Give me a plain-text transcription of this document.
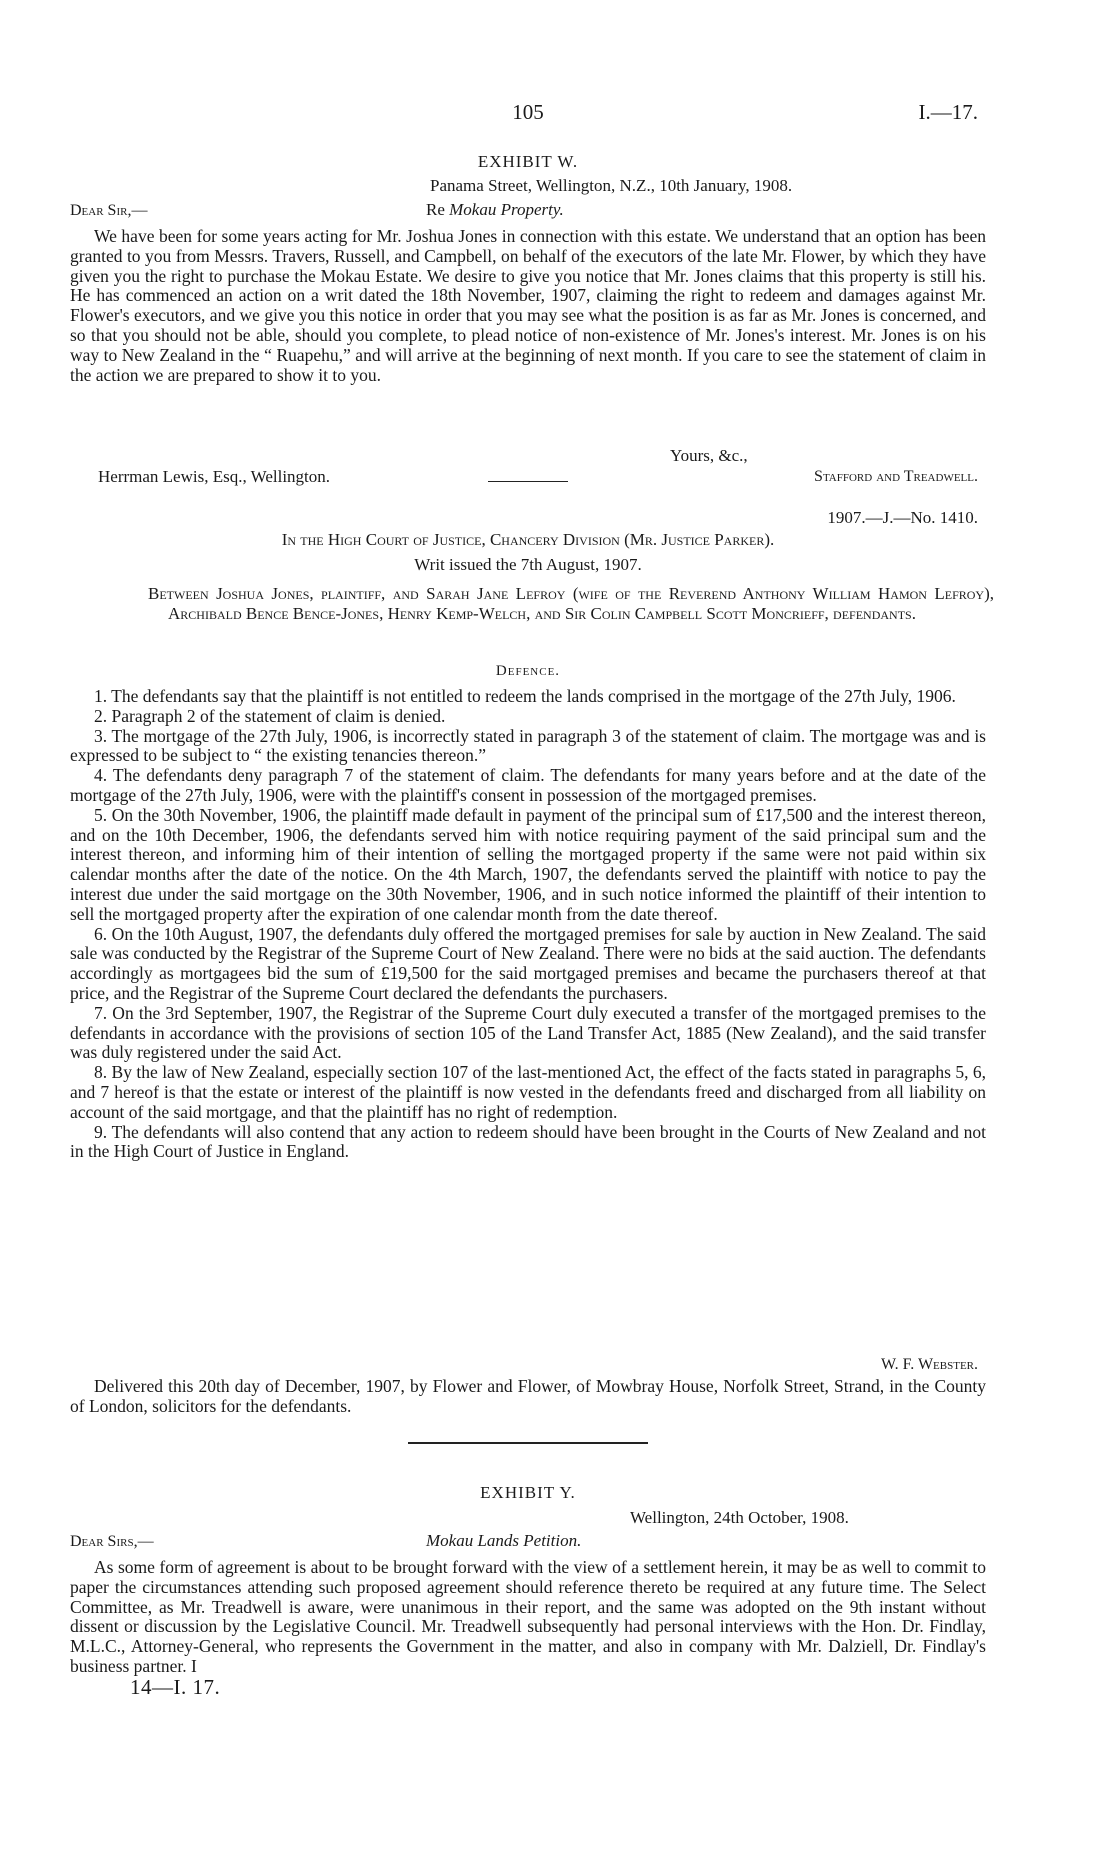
105	I.—17.
EXHIBIT W.
Panama Street, Wellington, N.Z., 10th January, 1908.
Dear Sir,—	Re Mokau Property.
We have been for some years acting for Mr. Joshua Jones in connection with this estate. We understand that an option has been granted to you from Messrs. Travers, Russell, and Campbell, on behalf of the executors of the late Mr. Flower, by which they have given you the right to purchase the Mokau Estate. We desire to give you notice that Mr. Jones claims that this property is still his. He has commenced an action on a writ dated the 18th November, 1907, claiming the right to redeem and damages against Mr. Flower's executors, and we give you this notice in order that you may see what the position is as far as Mr. Jones is concerned, and so that you should not be able, should you complete, to plead notice of non-existence of Mr. Jones's interest. Mr. Jones is on his way to New Zealand in the “ Ruapehu,” and will arrive at the beginning of next month. If you care to see the statement of claim in the action we are prepared to show it to you.
Yours, &c.,
Herrman Lewis, Esq., Wellington.	Stafford and Treadwell.
1907.—J.—No. 1410.
In the High Court of Justice, Chancery Division (Mr. Justice Parker).
Writ issued the 7th August, 1907.
Between Joshua Jones, plaintiff, and Sarah Jane Lefroy (wife of the Reverend Anthony William Hamon Lefroy), Archibald Bence Bence-Jones, Henry Kemp-Welch, and Sir Colin Campbell Scott Moncrieff, defendants.
Defence.

1. The defendants say that the plaintiff is not entitled to redeem the lands comprised in the mortgage of the 27th July, 1906.

2. Paragraph 2 of the statement of claim is denied.

3. The mortgage of the 27th July, 1906, is incorrectly stated in paragraph 3 of the statement of claim. The mortgage was and is expressed to be subject to “ the existing tenancies thereon.”

4. The defendants deny paragraph 7 of the statement of claim. The defendants for many years before and at the date of the mortgage of the 27th July, 1906, were with the plaintiff's consent in possession of the mortgaged premises.

5. On the 30th November, 1906, the plaintiff made default in payment of the principal sum of £17,500 and the interest thereon, and on the 10th December, 1906, the defendants served him with notice requiring payment of the said principal sum and the interest thereon, and informing him of their intention of selling the mortgaged property if the same were not paid within six calendar months after the date of the notice. On the 4th March, 1907, the defendants served the plaintiff with notice to pay the interest due under the said mortgage on the 30th November, 1906, and in such notice informed the plaintiff of their intention to sell the mortgaged property after the expiration of one calendar month from the date thereof.

6. On the 10th August, 1907, the defendants duly offered the mortgaged premises for sale by auction in New Zealand. The said sale was conducted by the Registrar of the Supreme Court of New Zealand. There were no bids at the said auction. The defendants accordingly as mortgagees bid the sum of £19,500 for the said mortgaged premises and became the purchasers thereof at that price, and the Registrar of the Supreme Court declared the defendants the purchasers.

7. On the 3rd September, 1907, the Registrar of the Supreme Court duly executed a transfer of the mortgaged premises to the defendants in accordance with the provisions of section 105 of the Land Transfer Act, 1885 (New Zealand), and the said transfer was duly registered under the said Act.

8. By the law of New Zealand, especially section 107 of the last-mentioned Act, the effect of the facts stated in paragraphs 5, 6, and 7 hereof is that the estate or interest of the plaintiff is now vested in the defendants freed and discharged from all liability on account of the said mortgage, and that the plaintiff has no right of redemption.

9. The defendants will also contend that any action to redeem should have been brought in the Courts of New Zealand and not in the High Court of Justice in England.

W. F. Webster.
Delivered this 20th day of December, 1907, by Flower and Flower, of Mowbray House, Norfolk Street, Strand, in the County of London, solicitors for the defendants.
EXHIBIT Y.
Wellington, 24th October, 1908.
Dear Sirs,—	Mokau Lands Petition.
As some form of agreement is about to be brought forward with the view of a settlement herein, it may be as well to commit to paper the circumstances attending such proposed agreement should reference thereto be required at any future time. The Select Committee, as Mr. Treadwell is aware, were unanimous in their report, and the same was adopted on the 9th instant without dissent or discussion by the Legislative Council. Mr. Treadwell subsequently had personal interviews with the Hon. Dr. Findlay, M.L.C., Attorney-General, who represents the Government in the matter, and also in company with Mr. Dalziell, Dr. Findlay's business partner. I
14—I. 17.
